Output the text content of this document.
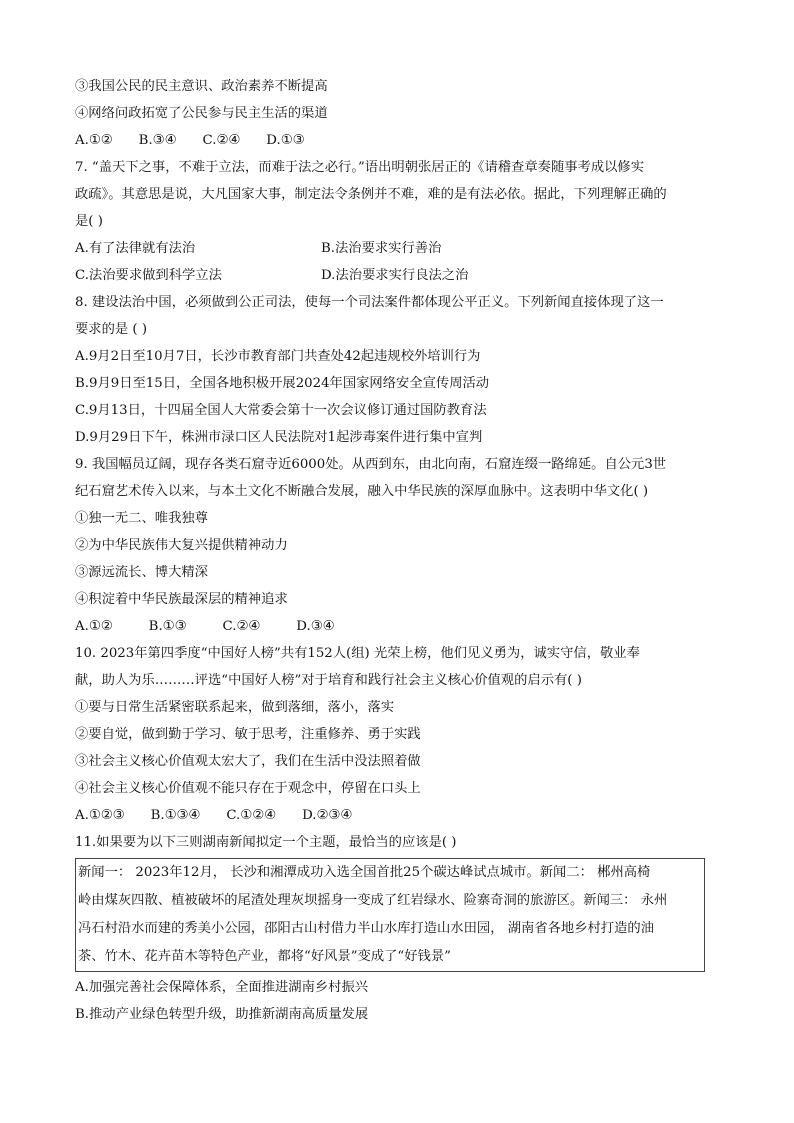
③我国公民的民主意识、政治素养不断提高
④网络问政拓宽了公民参与民主生活的渠道
A.①② B.③④ C.②④ D.①③
7. “盖天下之事，不难于立法，而难于法之必行。”语出明朝张居正的《请稽查章奏随事考成以修实
政疏》。其意思是说，大凡国家大事，制定法令条例并不难，难的是有法必依。据此，下列理解正确的
是( )
A.有了法律就有法治	B.法治要求实行善治
C.法治要求做到科学立法	D.法治要求实行良法之治
8. 建设法治中国，必须做到公正司法，使每一个司法案件都体现公平正义。下列新闻直接体现了这一
要求的是 ( )
A.9月2日至10月7日，长沙市教育部门共查处42起违规校外培训行为
B.9月9日至15日，全国各地积极开展2024年国家网络安全宣传周活动
C.9月13日，十四届全国人大常委会第十一次会议修订通过国防教育法
D.9月29日下午，株洲市渌口区人民法院对1起涉毒案件进行集中宣判
9. 我国幅员辽阔，现存各类石窟寺近6000处。从西到东，由北向南，石窟连缀一路绵延。自公元3世
纪石窟艺术传入以来，与本土文化不断融合发展，融入中华民族的深厚血脉中。这表明中华文化( )
①独一无二、唯我独尊
②为中华民族伟大复兴提供精神动力
③源远流长、博大精深
④积淀着中华民族最深层的精神追求
A.①②	B.①③	C.②④	D.③④
10. 2023年第四季度“中国好人榜”共有152人(组) 光荣上榜，他们见义勇为，诚实守信，敬业奉
献，助人为乐………评选“中国好人榜”对于培育和践行社会主义核心价值观的启示有( )
①要与日常生活紧密联系起来，做到落细，落小，落实
②要自觉，做到勤于学习、敏于思考，注重修养、勇于实践
③社会主义核心价值观太宏大了，我们在生活中没法照着做
④社会主义核心价值观不能只存在于观念中，停留在口头上
A.①②③ B.①③④ C.①②④ D.②③④
11.如果要为以下三则湖南新闻拟定一个主题，最恰当的应该是( )
新闻一： 2023年12月， 长沙和湘潭成功入选全国首批25个碳达峰试点城市。新闻二： 郴州高椅
岭由煤灰四散、植被破坏的尾渣处理灰坝摇身一变成了红岩绿水、险寨奇洞的旅游区。新闻三： 永州
冯石村沿水而建的秀美小公园，邵阳古山村借力半山水库打造山水田园， 湖南省各地乡村打造的油
茶、竹木、花卉苗木等特色产业，都将“好风景”变成了“好钱景”
A.加强完善社会保障体系，全面推进湖南乡村振兴
B.推动产业绿色转型升级，助推新湖南高质量发展
